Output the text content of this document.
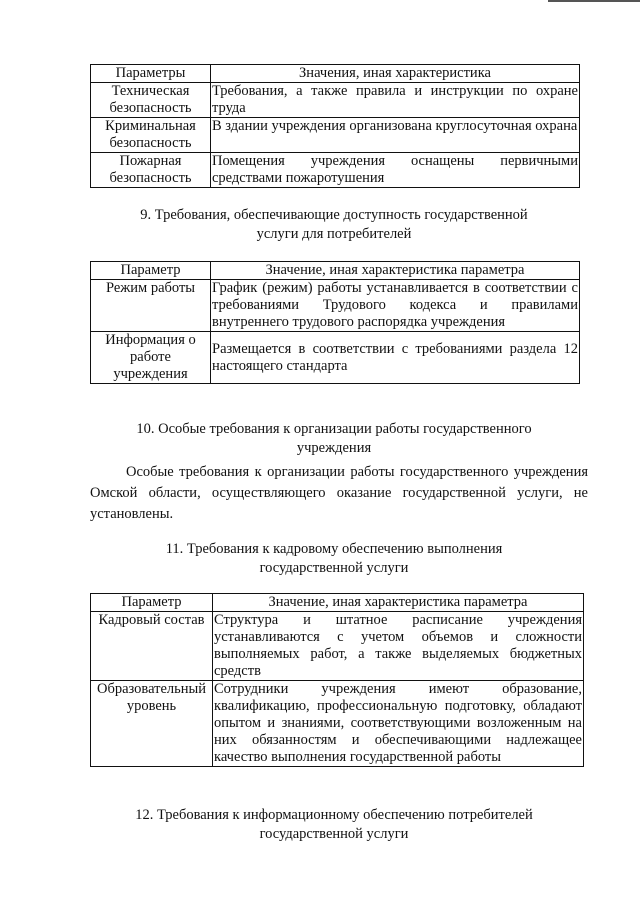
Параметры	Значения, иная характеристика
Техническая безопасность	Требования, а также правила и инструкции по охране труда
Криминальная безопасность	В здании учреждения организована круглосуточная охрана
Пожарная безопасность	Помещения учреждения оснащены первичными средствами пожаротушения
9. Требования, обеспечивающие доступность государственной
услуги для потребителей
Параметр	Значение, иная характеристика параметра
Режим работы	График (режим) работы устанавливается в соответствии с требованиями Трудового кодекса и правилами внутреннего трудового распорядка учреждения
Информация о работе учреждения	Размещается в соответствии с требованиями раздела 12 настоящего стандарта
10. Особые требования к организации работы государственного
учреждения
Особые требования к организации работы государственного учреждения Омской области, осуществляющего оказание государственной услуги, не установлены.
11. Требования к кадровому обеспечению выполнения
государственной услуги
Параметр	Значение, иная характеристика параметра
Кадровый состав	Структура и штатное расписание учреждения устанавливаются с учетом объемов и сложности выполняемых работ, а также выделяемых бюджетных средств
Образовательный уровень	Сотрудники учреждения имеют образование, квалификацию, профессиональную подготовку, обладают опытом и знаниями, соответствующими возложенным на них обязанностям и обеспечивающими надлежащее качество выполнения государственной работы
12. Требования к информационному обеспечению потребителей
государственной услуги
